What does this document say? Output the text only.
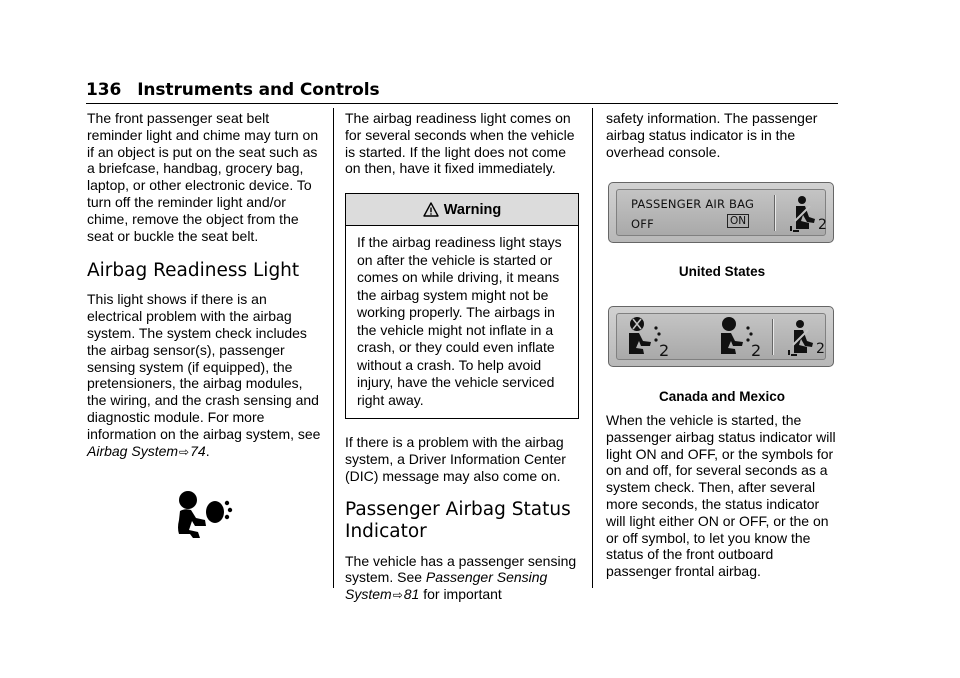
136 Instruments and Controls

The front passenger seat belt reminder light and chime may turn on if an object is put on the seat such as a briefcase, handbag, grocery bag, laptop, or other electronic device. To turn off the reminder light and/or chime, remove the object from the seat or buckle the seat belt.

Airbag Readiness Light

This light shows if there is an electrical problem with the airbag system. The system check includes the airbag sensor(s), passenger sensing system (if equipped), the pretensioners, the airbag modules, the wiring, and the crash sensing and diagnostic module. For more information on the airbag system, see Airbag System⇨74.

The airbag readiness light comes on for several seconds when the vehicle is started. If the light does not come on then, have it fixed immediately.

Warning
If the airbag readiness light stays on after the vehicle is started or comes on while driving, it means the airbag system might not be working properly. The airbags in the vehicle might not inflate in a crash, or they could even inflate without a crash. To help avoid injury, have the vehicle serviced right away.

If there is a problem with the airbag system, a Driver Information Center (DIC) message may also come on.

Passenger Airbag Status Indicator

The vehicle has a passenger sensing system. See Passenger Sensing System⇨81 for important

safety information. The passenger airbag status indicator is in the overhead console.

PASSENGER AIR BAG
OFF	ON	2
United States
2	2	2
Canada and Mexico

When the vehicle is started, the passenger airbag status indicator will light ON and OFF, or the symbols for on and off, for several seconds as a system check. Then, after several more seconds, the status indicator will light either ON or OFF, or the on or off symbol, to let you know the status of the front outboard passenger frontal airbag.
